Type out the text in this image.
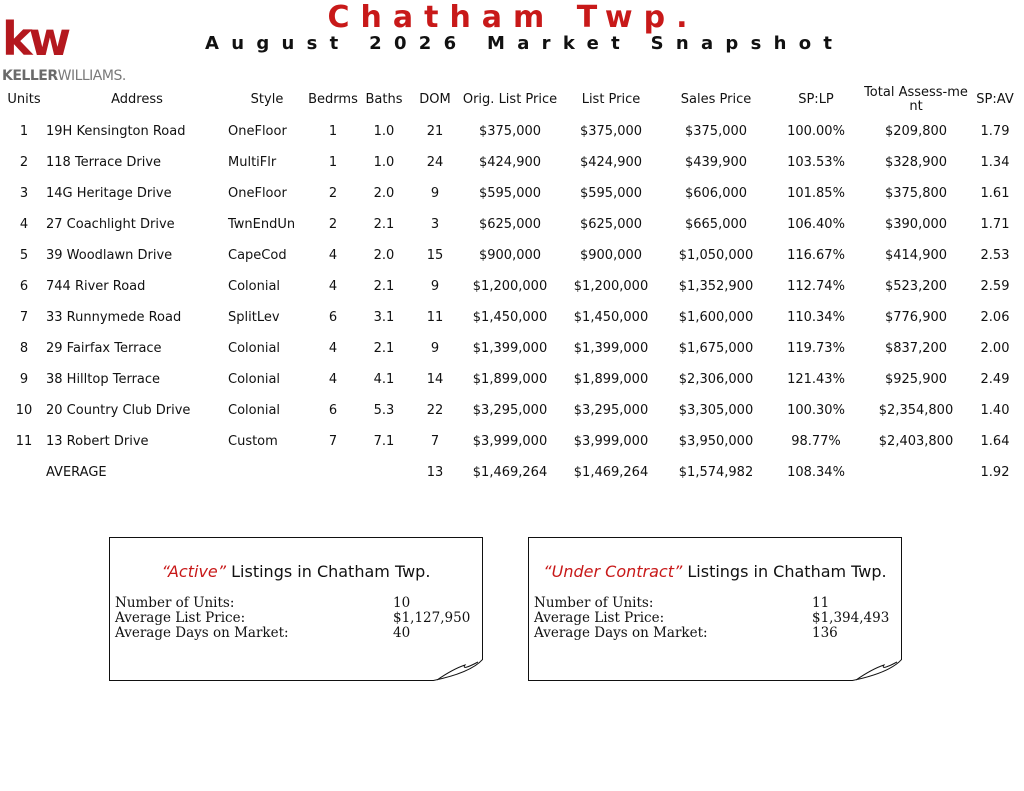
kw
KELLERWILLIAMS.
Chatham Twp.
August 2026 Market Snapshot
Units	Address	Style	Bedrms	Baths	DOM	Orig. List Price	List Price	Sales Price	SP:LP	Total Assess-ment	SP:AV
1	19H Kensington Road	OneFloor	1	1.0	21	$375,000	$375,000	$375,000	100.00%	$209,800	1.79
2	118 Terrace Drive	MultiFlr	1	1.0	24	$424,900	$424,900	$439,900	103.53%	$328,900	1.34
3	14G Heritage Drive	OneFloor	2	2.0	9	$595,000	$595,000	$606,000	101.85%	$375,800	1.61
4	27 Coachlight Drive	TwnEndUn	2	2.1	3	$625,000	$625,000	$665,000	106.40%	$390,000	1.71
5	39 Woodlawn Drive	CapeCod	4	2.0	15	$900,000	$900,000	$1,050,000	116.67%	$414,900	2.53
6	744 River Road	Colonial	4	2.1	9	$1,200,000	$1,200,000	$1,352,900	112.74%	$523,200	2.59
7	33 Runnymede Road	SplitLev	6	3.1	11	$1,450,000	$1,450,000	$1,600,000	110.34%	$776,900	2.06
8	29 Fairfax Terrace	Colonial	4	2.1	9	$1,399,000	$1,399,000	$1,675,000	119.73%	$837,200	2.00
9	38 Hilltop Terrace	Colonial	4	4.1	14	$1,899,000	$1,899,000	$2,306,000	121.43%	$925,900	2.49
10	20 Country Club Drive	Colonial	6	5.3	22	$3,295,000	$3,295,000	$3,305,000	100.30%	$2,354,800	1.40
11	13 Robert Drive	Custom	7	7.1	7	$3,999,000	$3,999,000	$3,950,000	98.77%	$2,403,800	1.64
	AVERAGE				13	$1,469,264	$1,469,264	$1,574,982	108.34%		1.92
“Active” Listings in Chatham Twp.
Number of Units:	10
Average List Price:	$1,127,950
Average Days on Market:	40
“Under Contract” Listings in Chatham Twp.
Number of Units:	11
Average List Price:	$1,394,493
Average Days on Market:	136
